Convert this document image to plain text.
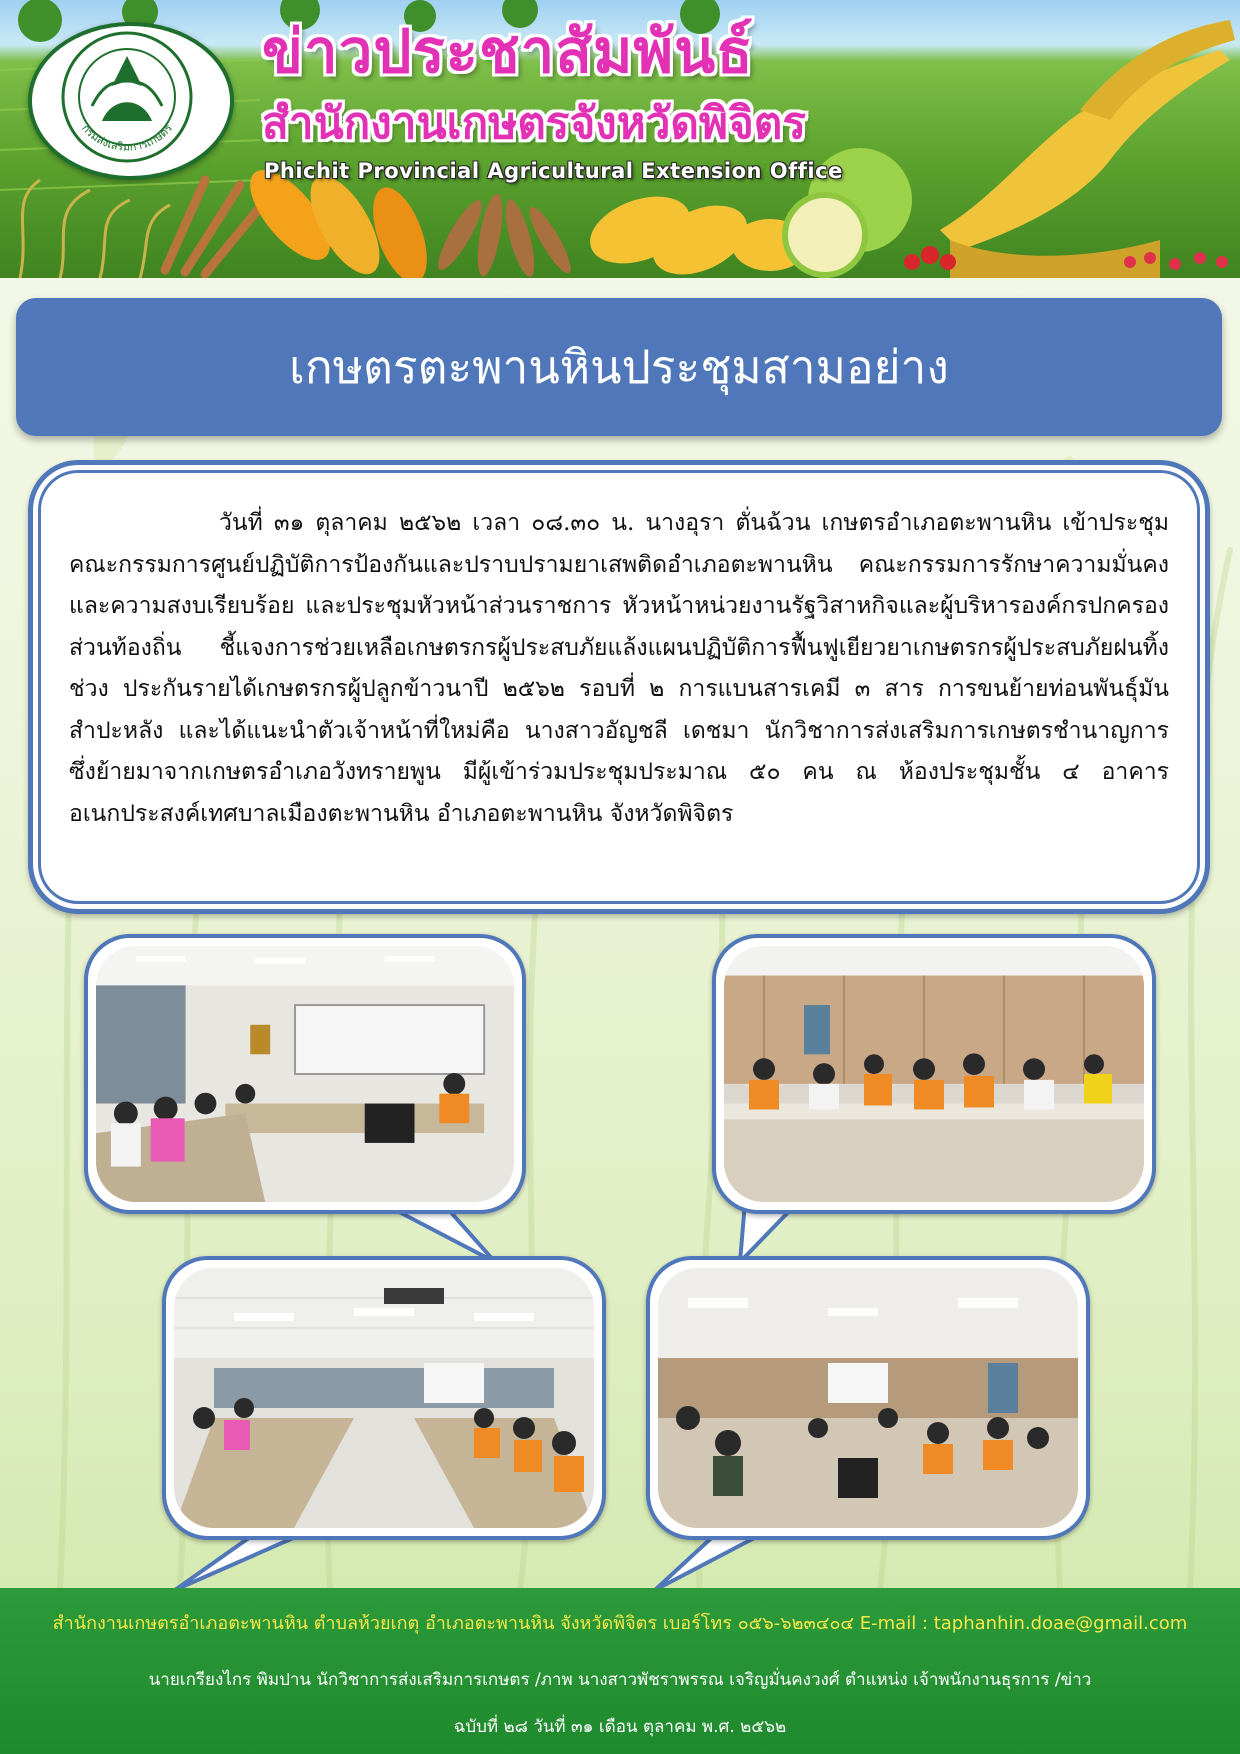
กรมส่งเสริมการเกษตร
ข่าวประชาสัมพันธ์
สำนักงานเกษตรจังหวัดพิจิตร
Phichit Provincial Agricultural Extension Office
เกษตรตะพานหินประชุมสามอย่าง

วันที่ ๓๑ ตุลาคม ๒๕๖๒ เวลา ๐๘.๓๐ น. นางอุรา ตั่นฉ้วน เกษตรอำเภอตะพานหิน เข้าประชุมคณะกรรมการศูนย์ปฏิบัติการป้องกันและปราบปรามยาเสพติดอำเภอตะพานหิน คณะกรรมการรักษาความมั่นคงและความสงบเรียบร้อย และประชุมหัวหน้าส่วนราชการ หัวหน้าหน่วยงานรัฐวิสาหกิจและผู้บริหารองค์กรปกครองส่วนท้องถิ่น ชี้แจงการช่วยเหลือเกษตรกรผู้ประสบภัยแล้งแผนปฏิบัติการฟื้นฟูเยียวยาเกษตรกรผู้ประสบภัยฝนทิ้งช่วง ประกันรายได้เกษตรกรผู้ปลูกข้าวนาปี ๒๕๖๒ รอบที่ ๒ การแบนสารเคมี ๓ สาร การขนย้ายท่อนพันธุ์มันสำปะหลัง และได้แนะนำตัวเจ้าหน้าที่ใหม่คือ นางสาวอัญชลี เดชมา นักวิชาการส่งเสริมการเกษตรชำนาญการ ซึ่งย้ายมาจากเกษตรอำเภอวังทรายพูน มีผู้เข้าร่วมประชุมประมาณ ๕๐ คน ณ ห้องประชุมชั้น ๔ อาคารอเนกประสงค์เทศบาลเมืองตะพานหิน อำเภอตะพานหิน จังหวัดพิจิตร

สำนักงานเกษตรอำเภอตะพานหิน ตำบลห้วยเกตุ อำเภอตะพานหิน จังหวัดพิจิตร เบอร์โทร ๐๕๖-๖๒๓๔๐๔ E-mail : taphanhin.doae@gmail.com

นายเกรียงไกร พิมปาน นักวิชาการส่งเสริมการเกษตร /ภาพ นางสาวพัชราพรรณ เจริญมั่นคงวงศ์ ตำแหน่ง เจ้าพนักงานธุรการ /ข่าว

ฉบับที่ ๒๘ วันที่ ๓๑ เดือน ตุลาคม พ.ศ. ๒๕๖๒
